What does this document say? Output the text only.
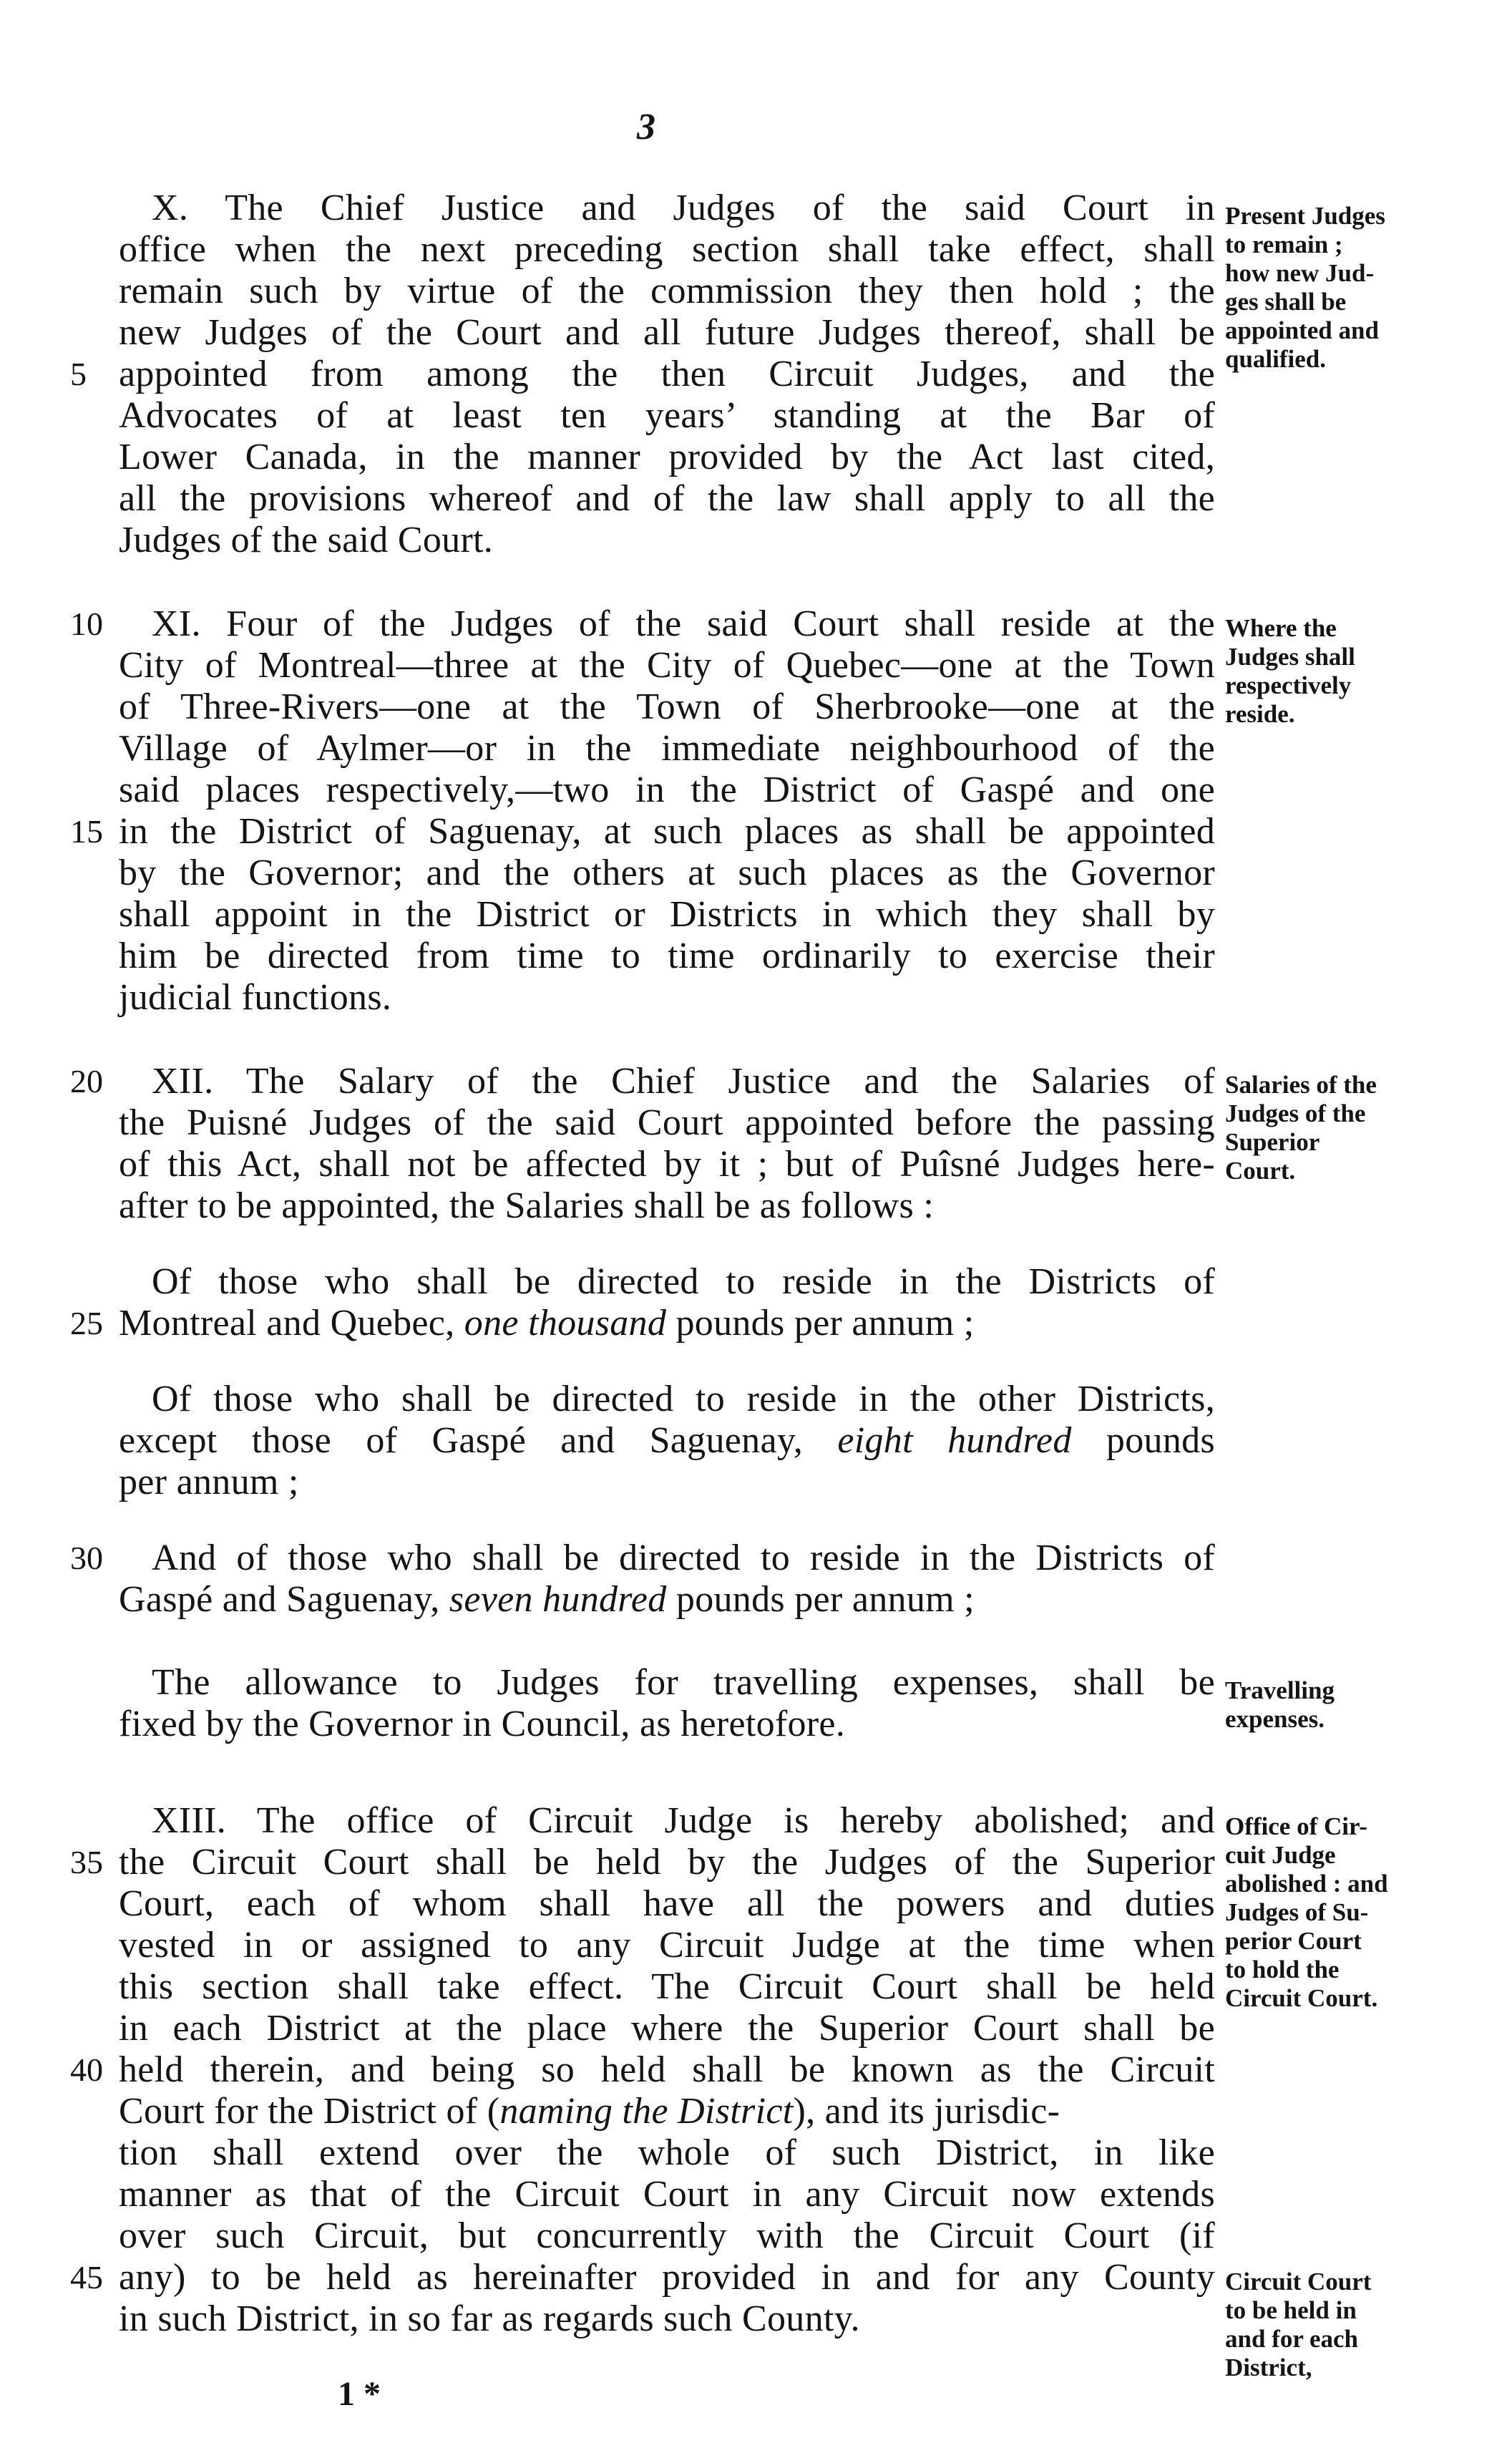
3
X. The Chief Justice and Judges of the said Court in
office when the next preceding section shall take effect, shall
remain such by virtue of the commission they then hold ; the
new Judges of the Court and all future Judges thereof, shall be
5 appointed from among the then Circuit Judges, and the
Advocates of at least ten years’ standing at the Bar of
Lower Canada, in the manner provided by the Act last cited,
all the provisions whereof and of the law shall apply to all the
Judges of the said Court.
10 XI. Four of the Judges of the said Court shall reside at the
City of Montreal—three at the City of Quebec—one at the Town
of Three-Rivers—one at the Town of Sherbrooke—one at the
Village of Aylmer—or in the immediate neighbourhood of the
said places respectively,—two in the District of Gaspé and one
15 in the District of Saguenay, at such places as shall be appointed
by the Governor; and the others at such places as the Governor
shall appoint in the District or Districts in which they shall by
him be directed from time to time ordinarily to exercise their
judicial functions.
20 XII. The Salary of the Chief Justice and the Salaries of
the Puisné Judges of the said Court appointed before the passing
of this Act, shall not be affected by it ; but of Puîsné Judges here-
after to be appointed, the Salaries shall be as follows :
Of those who shall be directed to reside in the Districts of
25 Montreal and Quebec, one thousand pounds per annum ;
Of those who shall be directed to reside in the other Districts,
except those of Gaspé and Saguenay, eight hundred pounds
per annum ;
30 And of those who shall be directed to reside in the Districts of
Gaspé and Saguenay, seven hundred pounds per annum ;
The allowance to Judges for travelling expenses, shall be
fixed by the Governor in Council, as heretofore.
XIII. The office of Circuit Judge is hereby abolished; and
35 the Circuit Court shall be held by the Judges of the Superior
Court, each of whom shall have all the powers and duties
vested in or assigned to any Circuit Judge at the time when
this section shall take effect. The Circuit Court shall be held
in each District at the place where the Superior Court shall be
40 held therein, and being so held shall be known as the Circuit
Court for the District of (naming the District), and its jurisdic-
tion shall extend over the whole of such District, in like
manner as that of the Circuit Court in any Circuit now extends
over such Circuit, but concurrently with the Circuit Court (if
45 any) to be held as hereinafter provided in and for any County
in such District, in so far as regards such County.
1 *
Present Judges
to remain ;
how new Jud-
ges shall be
appointed and
qualified.
Where the
Judges shall
respectively
reside.
Salaries of the
Judges of the
Superior
Court.
Travelling
expenses.
Office of Cir-
cuit Judge
abolished : and
Judges of Su-
perior Court
to hold the
Circuit Court.
Circuit Court
to be held in
and for each
District,
